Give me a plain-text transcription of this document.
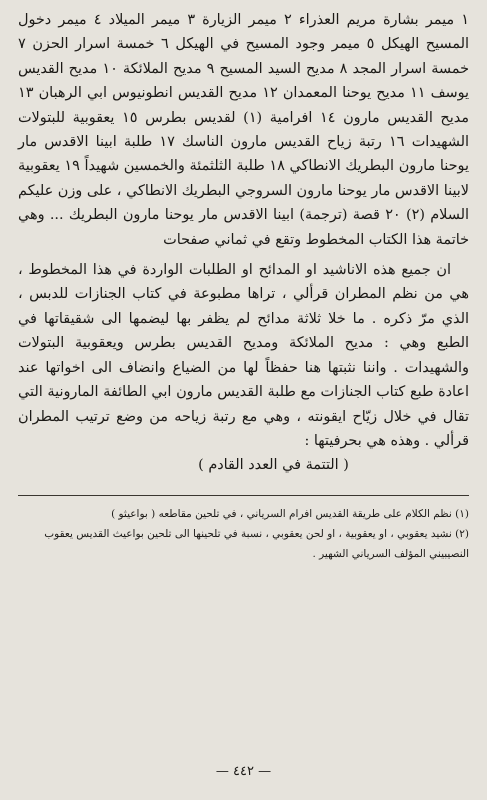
١ ميمر بشارة مريم العذراء ٢ ميمر الزيارة ٣ ميمر الميلاد ٤ ميمر دخول المسيح الهيكل ٥ ميمر وجود المسيح في الهيكل ٦ خمسة اسرار الحزن ٧ خمسة اسرار المجد ٨ مديح السيد المسيح ٩ مديح الملائكة ١٠ مديح القديس يوسف ١١ مديح يوحنا المعمدان ١٢ مديح القديس انطونيوس ابي الرهبان ١٣ مديح القديس مارون ١٤ افرامية (١) لقديس بطرس ١٥ يعقوبية للبتولات الشهيدات ١٦ رتبة زياح القديس مارون الناسك ١٧ طلبة ابينا الاقدس مار يوحنا مارون البطريك الانطاكي ١٨ طلبة الثلثمئة والخمسين شهيداً ١٩ يعقوبية لابينا الاقدس مار يوحنا مارون السروجي البطريك الانطاكي ، على وزن عليكم السلام (٢) ٢٠ قصة (ترجمة) ابينا الاقدس مار يوحنا مارون البطريك ... وهي خاتمة هذا الكتاب المخطوط وتقع في ثماني صفحات

ان جميع هذه الاناشيد او المدائح او الطلبات الواردة في هذا المخطوط ، هي من نظم المطران قرألي ، تراها مطبوعة في كتاب الجنازات للدبس ، الذي مرّ ذكره . ما خلا ثلاثة مدائح لم يظفر بها ليضمها الى شقيقاتها في الطبع وهي : مديح الملائكة ومديح القديس بطرس ويعقوبية البتولات والشهيدات . واننا نثبتها هنا حفظاً لها من الضياع وانضاف الى اخواتها عند اعادة طبع كتاب الجنازات مع طلبة القديس مارون ابي الطائفة المارونية التي تقال في خلال زيّاح ايقونته ، وهي مع رتبة زياحه من وضع ترتيب المطران قرألي . وهذه هي بحرفيتها :

( التتمة في العدد القادم )

(١) نظم الكلام على طريقة القديس افرام السرياني ، في تلحين مقاطعه ( بواعيثو )

(٢) نشيد يعقوبي ، او يعقوبية ، او لحن يعقوبي ، نسبة في تلحينها الى تلحين بواعيث القديس يعقوب النصيبيني المؤلف السرياني الشهير .

— ٤٤٢ —
